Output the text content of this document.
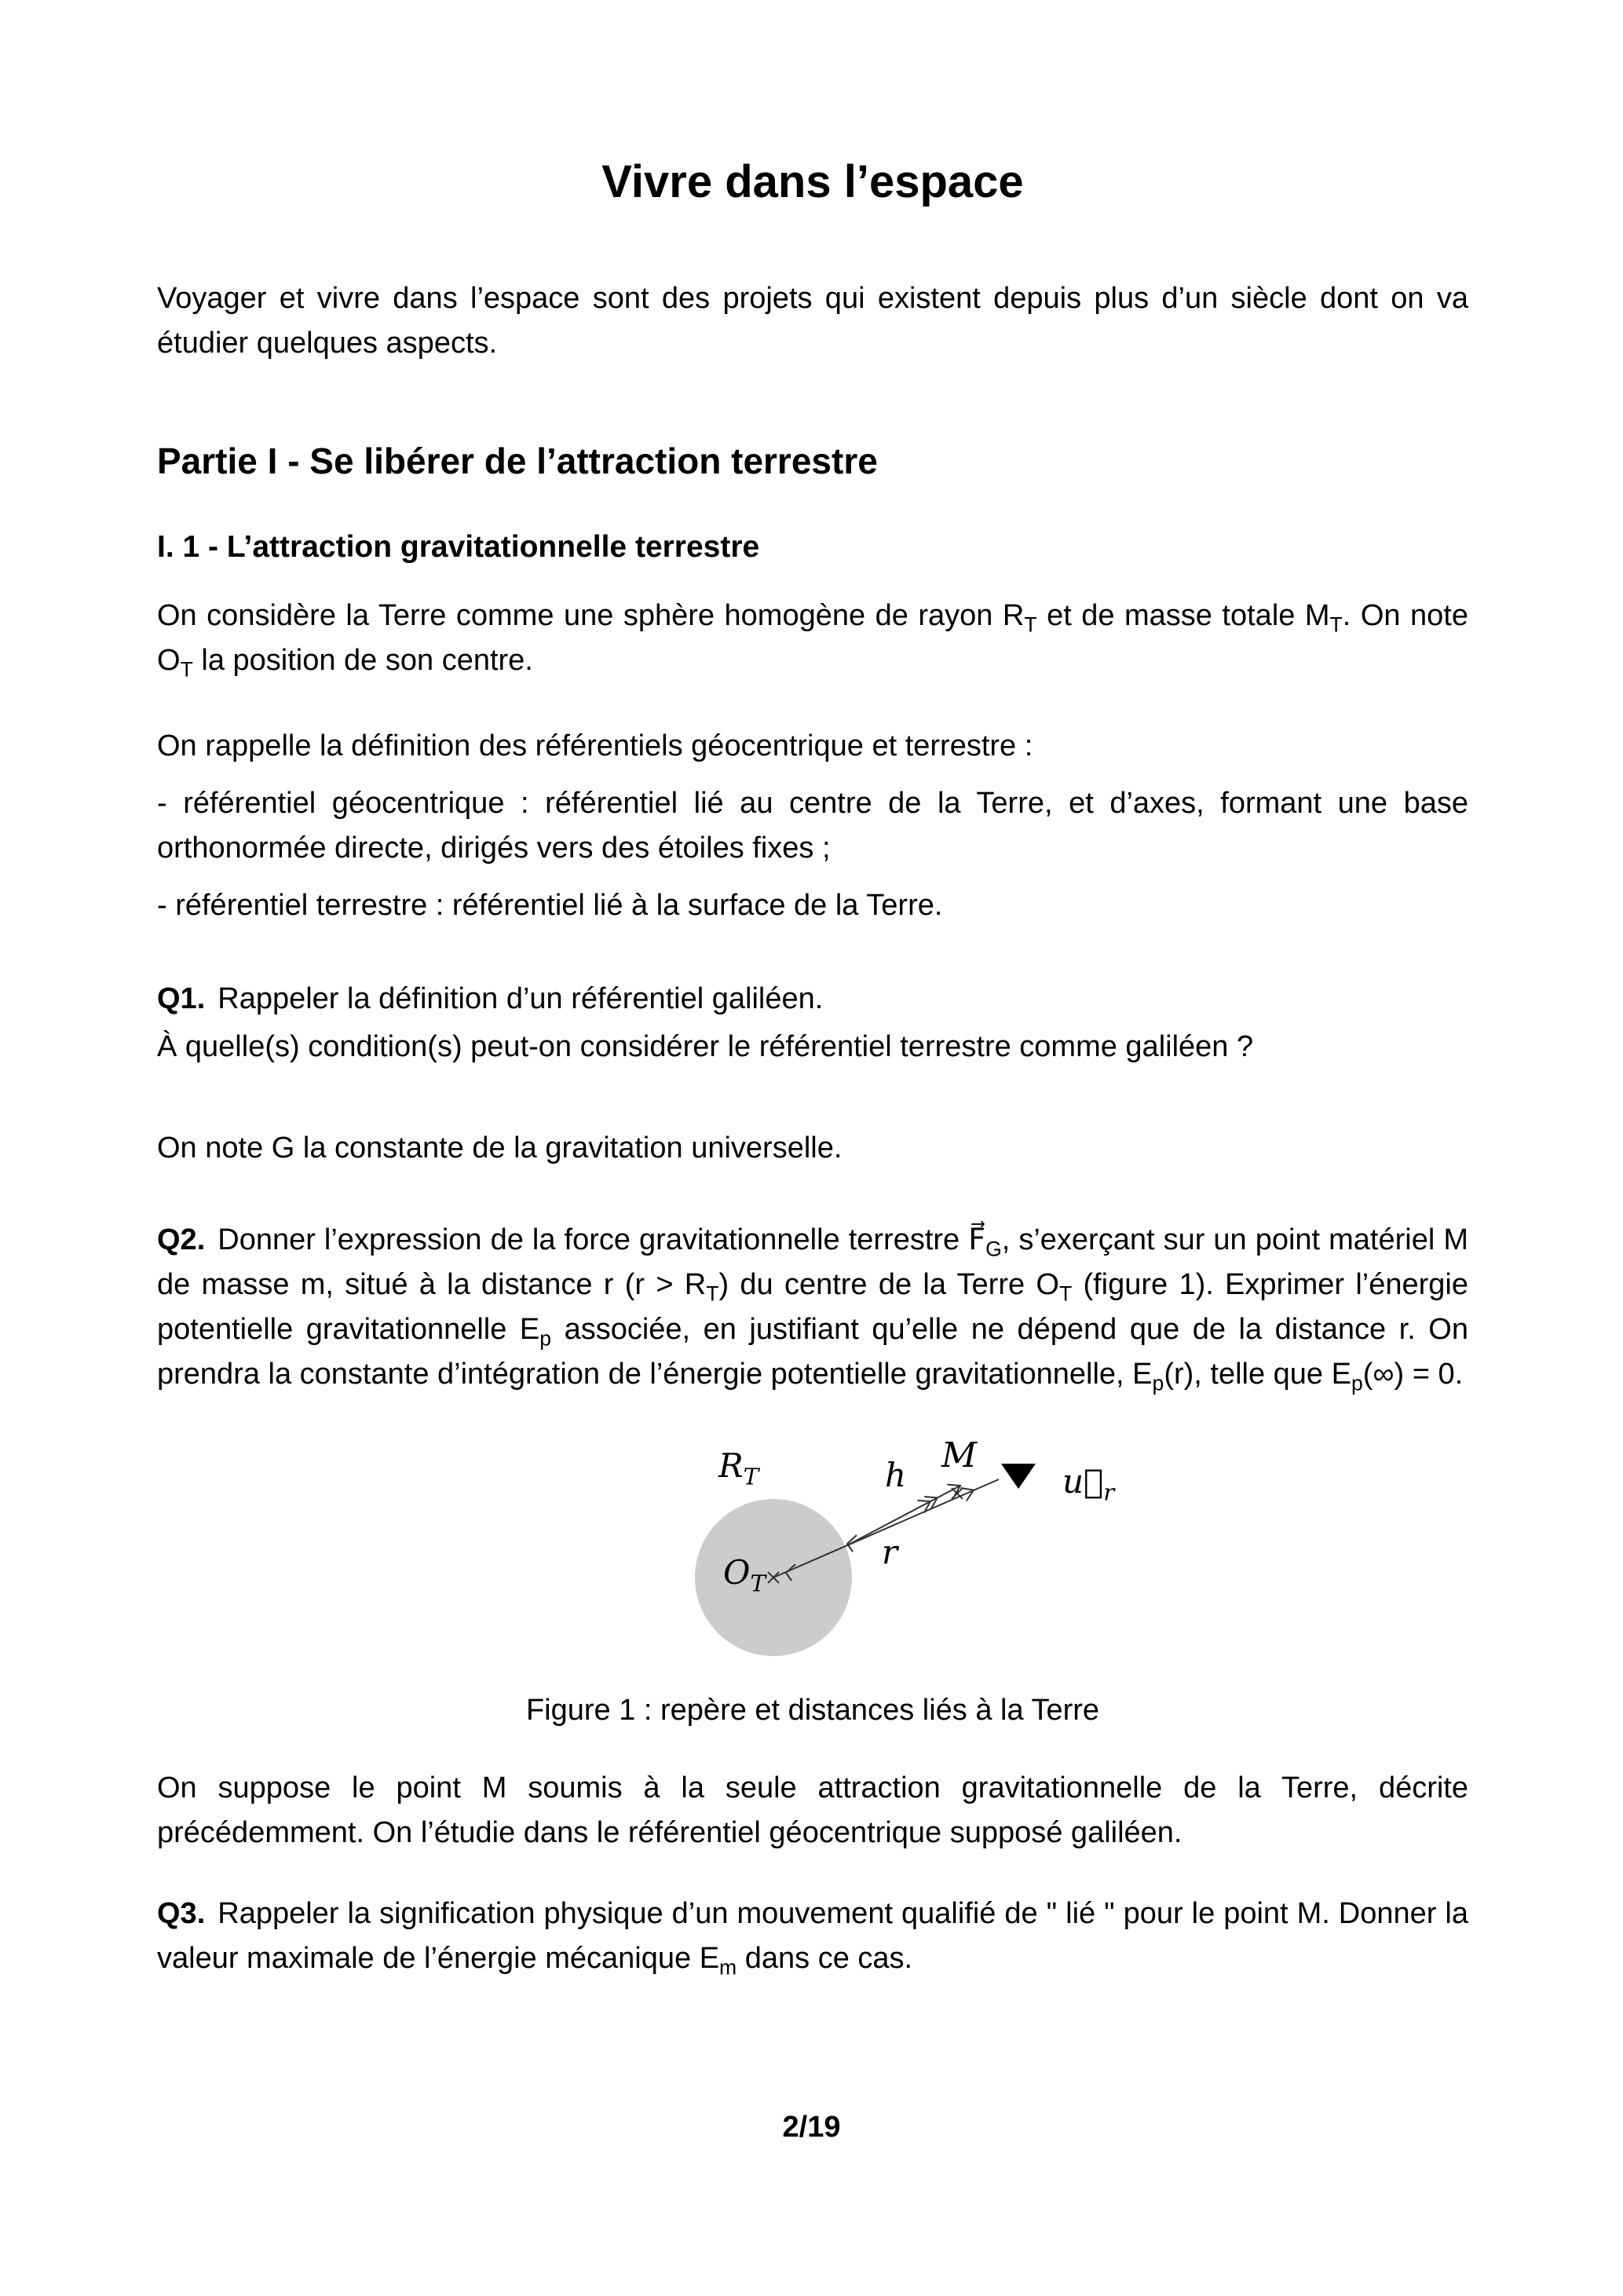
Vivre dans l’espace

Voyager et vivre dans l’espace sont des projets qui existent depuis plus d’un siècle dont on va étudier quelques aspects.

Partie I - Se libérer de l’attraction terrestre
I. 1 - L’attraction gravitationnelle terrestre

On considère la Terre comme une sphère homogène de rayon $R_T$ et de masse totale $M_T$. On note $O_T$ la position de son centre.

On rappelle la définition des référentiels géocentrique et terrestre :

- référentiel géocentrique : référentiel lié au centre de la Terre, et d’axes, formant une base orthonormée directe, dirigés vers des étoiles fixes ;

- référentiel terrestre : référentiel lié à la surface de la Terre.

Q1. Rappeler la définition d’un référentiel galiléen.

À quelle(s) condition(s) peut-on considérer le référentiel terrestre comme galiléen ?

On note G la constante de la gravitation universelle.

Q2. Donner l’expression de la force gravitationnelle terrestre $F⃗_G$, s’exerçant sur un point matériel M de masse m, situé à la distance r $(r > R_T)$ du centre de la Terre $O_T$ (figure 1). Exprimer l’énergie potentielle gravitationnelle $E_p$ associée, en justifiant qu’elle ne dépend que de la distance r. On prendra la constante d’intégration de l’énergie potentielle gravitationnelle, $E_p(r)$, telle que $E_p(\infty) = 0$.

$R_T$	h M
$u⃗_r$
r
$O_T$

Figure 1 : repère et distances liés à la Terre

On suppose le point M soumis à la seule attraction gravitationnelle de la Terre, décrite précédemment. On l’étudie dans le référentiel géocentrique supposé galiléen.

Q3. Rappeler la signification physique d’un mouvement qualifié de " lié " pour le point M. Donner la valeur maximale de l’énergie mécanique $E_m$ dans ce cas.

2/19
